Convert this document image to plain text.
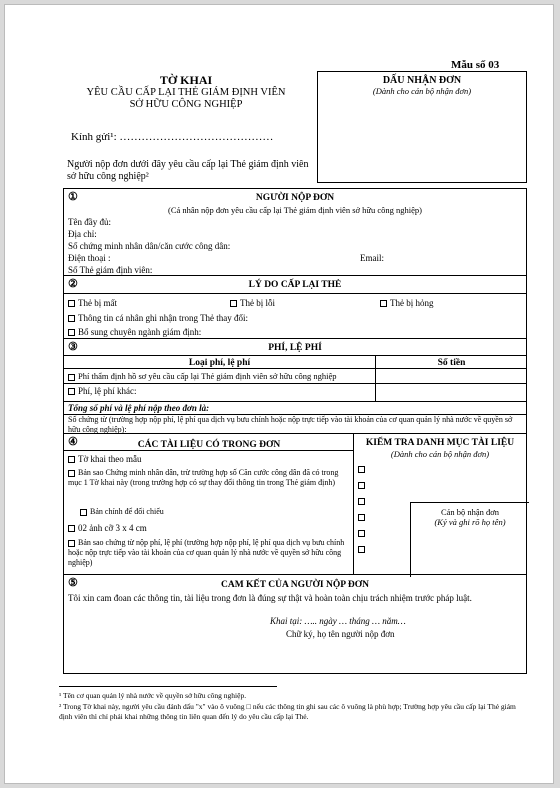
Mẫu số 03
TỜ KHAI
YÊU CẦU CẤP LẠI THẺ GIÁM ĐỊNH VIÊN
SỞ HỮU CÔNG NGHIỆP
DẤU NHẬN ĐƠN
(Dành cho cán bộ nhận đơn)
Kính gửi¹: ……………………………………
Người nộp đơn dưới đây yêu cầu cấp lại Thẻ giám định viên sở hữu công nghiệp²
①	NGƯỜI NỘP ĐƠN
(Cá nhân nộp đơn yêu cầu cấp lại Thẻ giám định viên sở hữu công nghiệp)
Tên đầy đủ:
Địa chỉ:
Số chứng minh nhân dân/căn cước công dân:
Điện thoại :	Email:
Số Thẻ giám định viên:
②	LÝ DO CẤP LẠI THẺ
Thẻ bị mất	Thẻ bị lỗi	Thẻ bị hỏng
Thông tin cá nhân ghi nhận trong Thẻ thay đổi:
Bổ sung chuyên ngành giám định:
③	PHÍ, LỆ PHÍ
Loại phí, lệ phí	Số tiền
Phí thẩm định hồ sơ yêu cầu cấp lại Thẻ giám định viên sở hữu công nghiệp
Phí, lệ phí khác:
Tổng số phí và lệ phí nộp theo đơn là:
Số chứng từ (trường hợp nộp phí, lệ phí qua dịch vụ bưu chính hoặc nộp trực tiếp vào tài khoản của cơ quan quản lý nhà nước về quyền sở hữu công nghiệp):
④	CÁC TÀI LIỆU CÓ TRONG ĐƠN
Tờ khai theo mẫu
Bản sao Chứng minh nhân dân, trừ trường hợp số Căn cước công dân đã có trong mục 1 Tờ khai này (trong trường hợp có sự thay đổi thông tin trong Thẻ giám định)
Bản chính để đối chiếu
02 ảnh cỡ 3 x 4 cm
Bản sao chứng từ nộp phí, lệ phí (trường hợp nộp phí, lệ phí qua dịch vụ bưu chính hoặc nộp trực tiếp vào tài khoản của cơ quan quản lý nhà nước về quyền sở hữu công nghiệp)
KIỂM TRA DANH MỤC TÀI LIỆU
(Dành cho cán bộ nhận đơn)
Cán bộ nhận đơn
(Ký và ghi rõ họ tên)
⑤	CAM KẾT CỦA NGƯỜI NỘP ĐƠN
Tôi xin cam đoan các thông tin, tài liệu trong đơn là đúng sự thật và hoàn toàn chịu trách nhiệm trước pháp luật.
Khai tại: ….. ngày … tháng … năm…
Chữ ký, họ tên người nộp đơn
¹ Tên cơ quan quản lý nhà nước về quyền sở hữu công nghiệp.
² Trong Tờ khai này, người yêu cầu đánh dấu "x" vào ô vuông □ nếu các thông tin ghi sau các ô vuông là phù hợp; Trường hợp yêu cầu cấp lại Thẻ giám định viên thì chỉ phải khai những thông tin liên quan đến lý do yêu cầu cấp lại Thẻ.
